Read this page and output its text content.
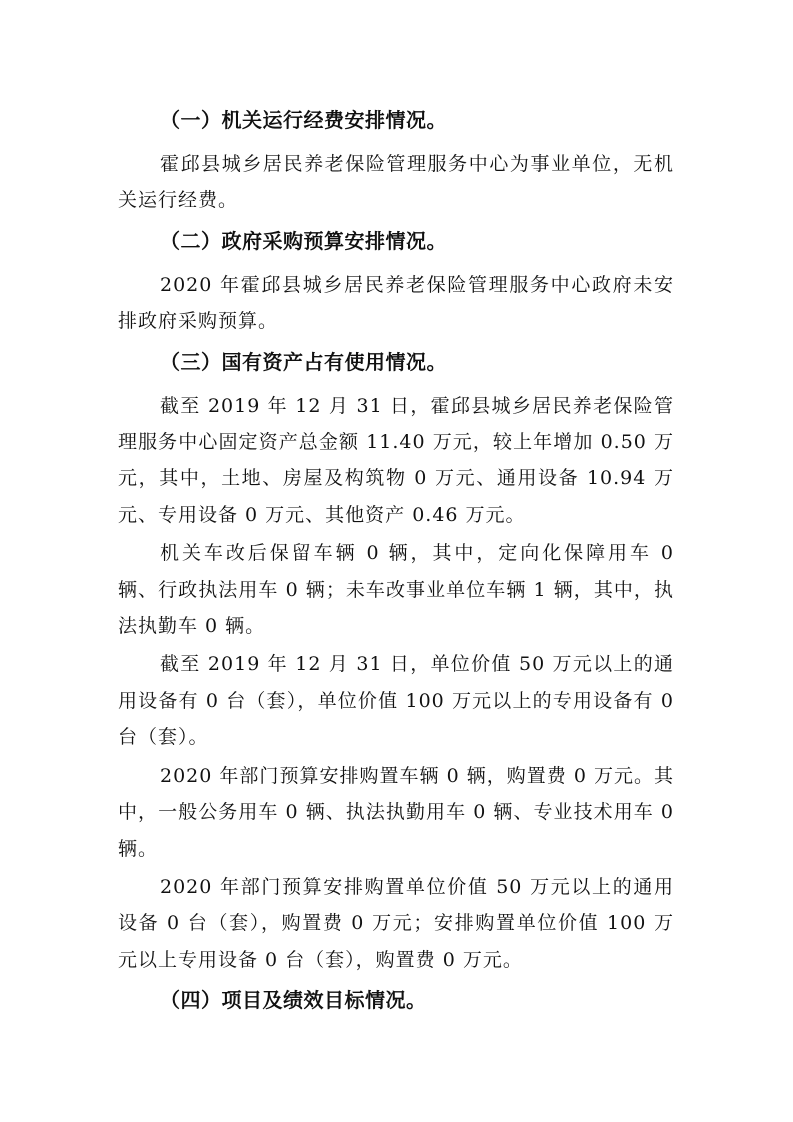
（一）机关运行经费安排情况。

霍邱县城乡居民养老保险管理服务中心为事业单位，无机关运行经费。

（二）政府采购预算安排情况。

2020 年霍邱县城乡居民养老保险管理服务中心政府未安排政府采购预算。

（三）国有资产占有使用情况。

截至 2019 年 12 月 31 日，霍邱县城乡居民养老保险管理服务中心固定资产总金额 11.40 万元，较上年增加 0.50 万元，其中，土地、房屋及构筑物 0 万元、通用设备 10.94 万元、专用设备 0 万元、其他资产 0.46 万元。

机关车改后保留车辆 0 辆，其中，定向化保障用车 0 辆、行政执法用车 0 辆；未车改事业单位车辆 1 辆，其中，执法执勤车 0 辆。

截至 2019 年 12 月 31 日，单位价值 50 万元以上的通用设备有 0 台（套），单位价值 100 万元以上的专用设备有 0 台（套）。

2020 年部门预算安排购置车辆 0 辆，购置费 0 万元。其中，一般公务用车 0 辆、执法执勤用车 0 辆、专业技术用车 0 辆。

2020 年部门预算安排购置单位价值 50 万元以上的通用设备 0 台（套），购置费 0 万元；安排购置单位价值 100 万元以上专用设备 0 台（套），购置费 0 万元。

（四）项目及绩效目标情况。
